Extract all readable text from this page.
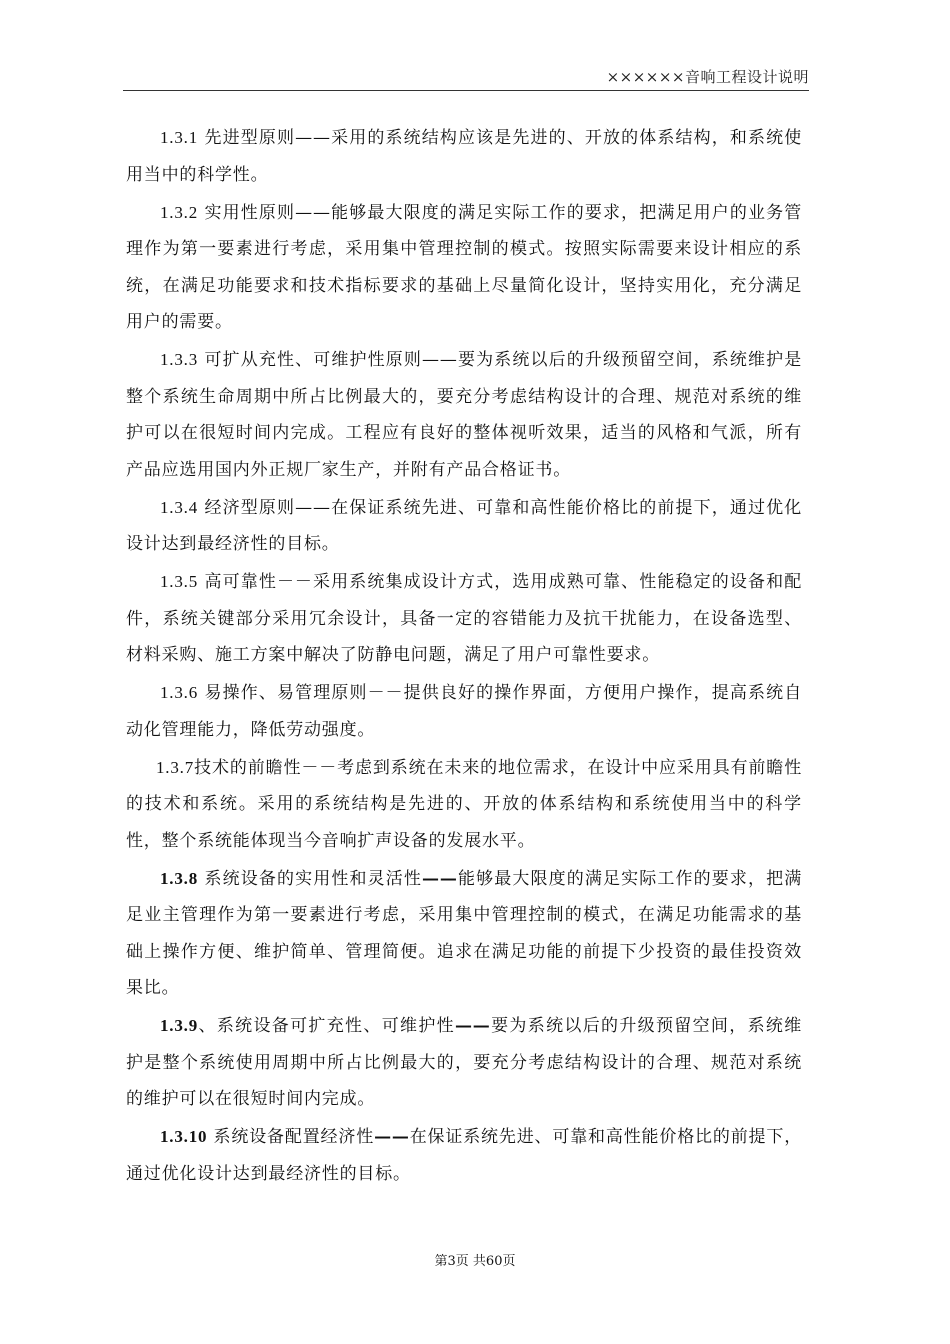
××××××音响工程设计说明

1.3.1 先进型原则——采用的系统结构应该是先进的、开放的体系结构，和系统使用当中的科学性。

1.3.2 实用性原则——能够最大限度的满足实际工作的要求，把满足用户的业务管理作为第一要素进行考虑，采用集中管理控制的模式。按照实际需要来设计相应的系统，在满足功能要求和技术指标要求的基础上尽量简化设计，坚持实用化，充分满足用户的需要。

1.3.3 可扩从充性、可维护性原则——要为系统以后的升级预留空间，系统维护是整个系统生命周期中所占比例最大的，要充分考虑结构设计的合理、规范对系统的维护可以在很短时间内完成。工程应有良好的整体视听效果，适当的风格和气派，所有产品应选用国内外正规厂家生产，并附有产品合格证书。

1.3.4 经济型原则——在保证系统先进、可靠和高性能价格比的前提下，通过优化设计达到最经济性的目标。

1.3.5 高可靠性－－采用系统集成设计方式，选用成熟可靠、性能稳定的设备和配件，系统关键部分采用冗余设计，具备一定的容错能力及抗干扰能力，在设备选型、材料采购、施工方案中解决了防静电问题，满足了用户可靠性要求。

1.3.6 易操作、易管理原则－－提供良好的操作界面，方便用户操作，提高系统自动化管理能力，降低劳动强度。

1.3.7技术的前瞻性－－考虑到系统在未来的地位需求，在设计中应采用具有前瞻性的技术和系统。采用的系统结构是先进的、开放的体系结构和系统使用当中的科学性，整个系统能体现当今音响扩声设备的发展水平。

1.3.8 系统设备的实用性和灵活性——能够最大限度的满足实际工作的要求，把满足业主管理作为第一要素进行考虑，采用集中管理控制的模式，在满足功能需求的基础上操作方便、维护简单、管理简便。追求在满足功能的前提下少投资的最佳投资效果比。

1.3.9、系统设备可扩充性、可维护性——要为系统以后的升级预留空间，系统维护是整个系统使用周期中所占比例最大的，要充分考虑结构设计的合理、规范对系统的维护可以在很短时间内完成。

1.3.10 系统设备配置经济性——在保证系统先进、可靠和高性能价格比的前提下，通过优化设计达到最经济性的目标。

第3页 共60页
